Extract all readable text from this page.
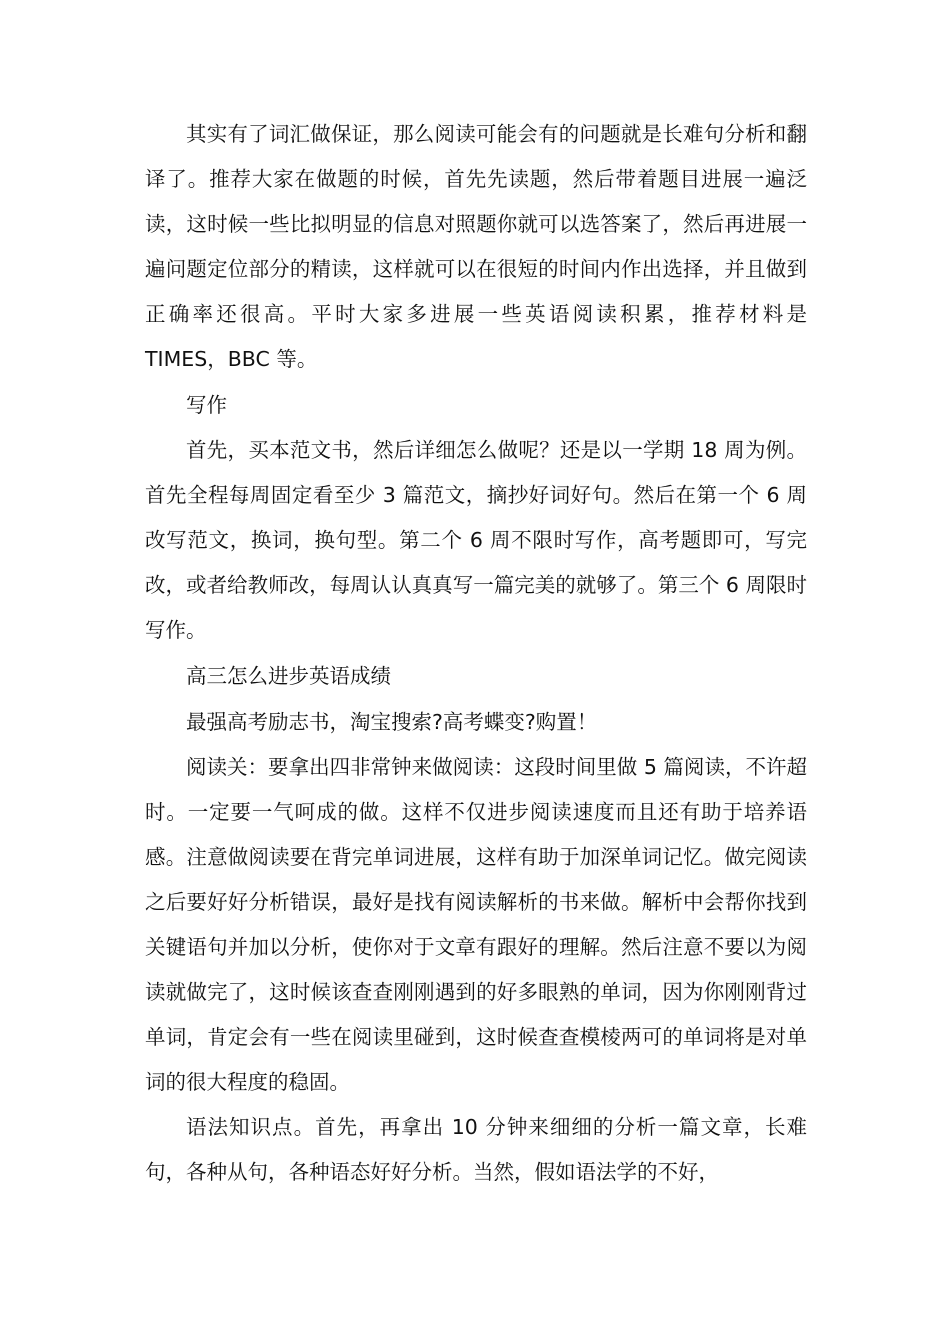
其实有了词汇做保证，那么阅读可能会有的问题就是长难句分析和翻译了。推荐大家在做题的时候，首先先读题，然后带着题目进展一遍泛读，这时候一些比拟明显的信息对照题你就可以选答案了，然后再进展一遍问题定位部分的精读，这样就可以在很短的时间内作出选择，并且做到正确率还很高。平时大家多进展一些英语阅读积累，推荐材料是 TIMES，BBC 等。

写作

首先，买本范文书，然后详细怎么做呢？还是以一学期 18 周为例。首先全程每周固定看至少 3 篇范文，摘抄好词好句。然后在第一个 6 周改写范文，换词，换句型。第二个 6 周不限时写作，高考题即可，写完改，或者给教师改，每周认认真真写一篇完美的就够了。第三个 6 周限时写作。

高三怎么进步英语成绩

最强高考励志书，淘宝搜索?高考蝶变?购置！

阅读关：要拿出四非常钟来做阅读：这段时间里做 5 篇阅读，不许超时。一定要一气呵成的做。这样不仅进步阅读速度而且还有助于培养语感。注意做阅读要在背完单词进展，这样有助于加深单词记忆。做完阅读之后要好好分析错误，最好是找有阅读解析的书来做。解析中会帮你找到关键语句并加以分析，使你对于文章有跟好的理解。然后注意不要以为阅读就做完了，这时候该查查刚刚遇到的好多眼熟的单词，因为你刚刚背过单词，肯定会有一些在阅读里碰到，这时候查查模棱两可的单词将是对单词的很大程度的稳固。

语法知识点。首先，再拿出 10 分钟来细细的分析一篇文章，长难句，各种从句，各种语态好好分析。当然，假如语法学的不好，
